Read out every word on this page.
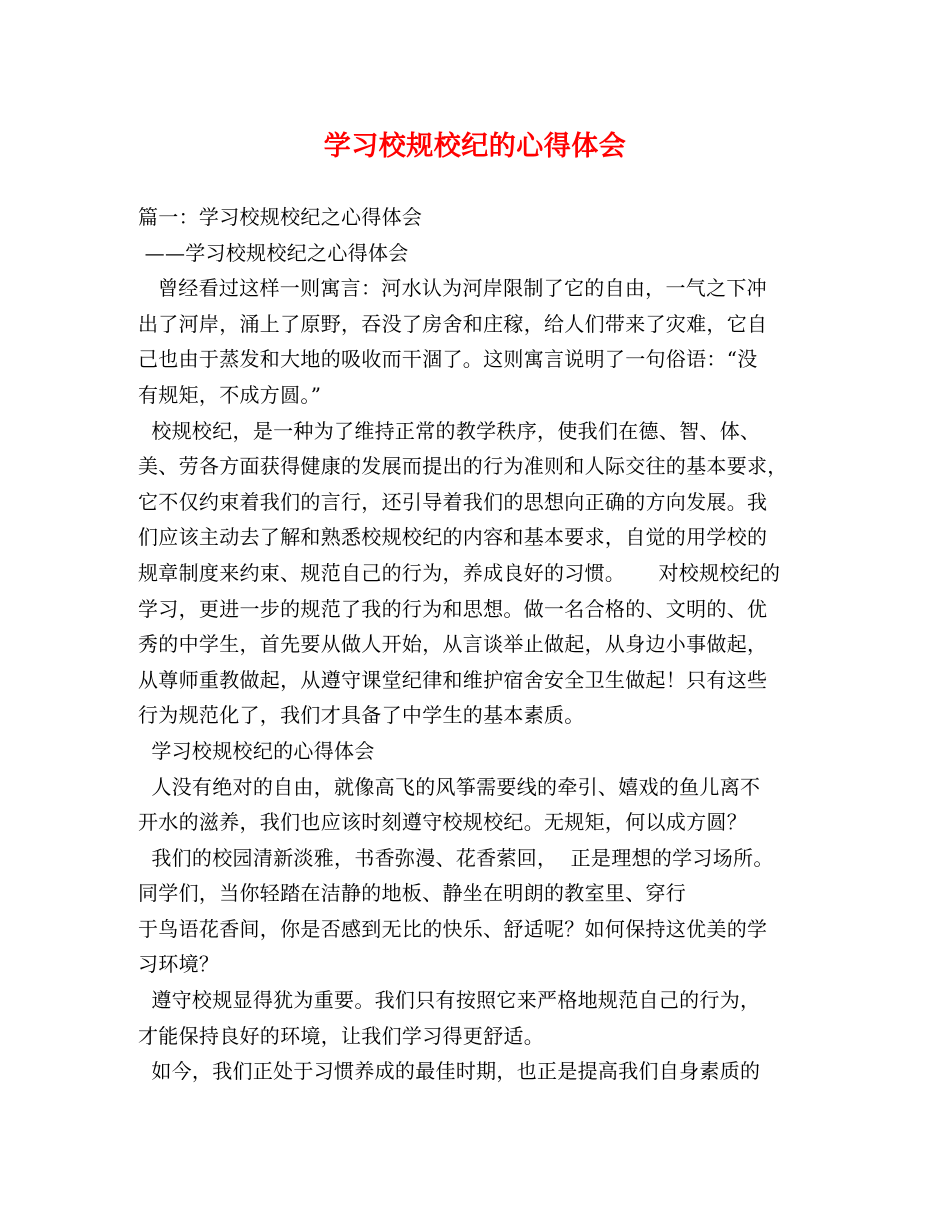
学习校规校纪的心得体会
篇一：学习校规校纪之心得体会
——学习校规校纪之心得体会
曾经看过这样一则寓言：河水认为河岸限制了它的自由，一气之下冲
出了河岸，涌上了原野，吞没了房舍和庄稼，给人们带来了灾难，它自
己也由于蒸发和大地的吸收而干涸了。这则寓言说明了一句俗语：“没
有规矩，不成方圆。”
校规校纪，是一种为了维持正常的教学秩序，使我们在德、智、体、
美、劳各方面获得健康的发展而提出的行为准则和人际交往的基本要求，
它不仅约束着我们的言行，还引导着我们的思想向正确的方向发展。我
们应该主动去了解和熟悉校规校纪的内容和基本要求，自觉的用学校的
规章制度来约束、规范自己的行为，养成良好的习惯。     对校规校纪的
学习，更进一步的规范了我的行为和思想。做一名合格的、文明的、优
秀的中学生，首先要从做人开始，从言谈举止做起，从身边小事做起，
从尊师重教做起，从遵守课堂纪律和维护宿舍安全卫生做起！只有这些
行为规范化了，我们才具备了中学生的基本素质。
学习校规校纪的心得体会
人没有绝对的自由，就像高飞的风筝需要线的牵引、嬉戏的鱼儿离不
开水的滋养，我们也应该时刻遵守校规校纪。无规矩，何以成方圆？
我们的校园清新淡雅，书香弥漫、花香萦回，  正是理想的学习场所。
同学们，当你轻踏在洁静的地板、静坐在明朗的教室里、穿行
于鸟语花香间，你是否感到无比的快乐、舒适呢？如何保持这优美的学
习环境？
遵守校规显得犹为重要。我们只有按照它来严格地规范自己的行为，
才能保持良好的环境，让我们学习得更舒适。
如今，我们正处于习惯养成的最佳时期，也正是提高我们自身素质的
